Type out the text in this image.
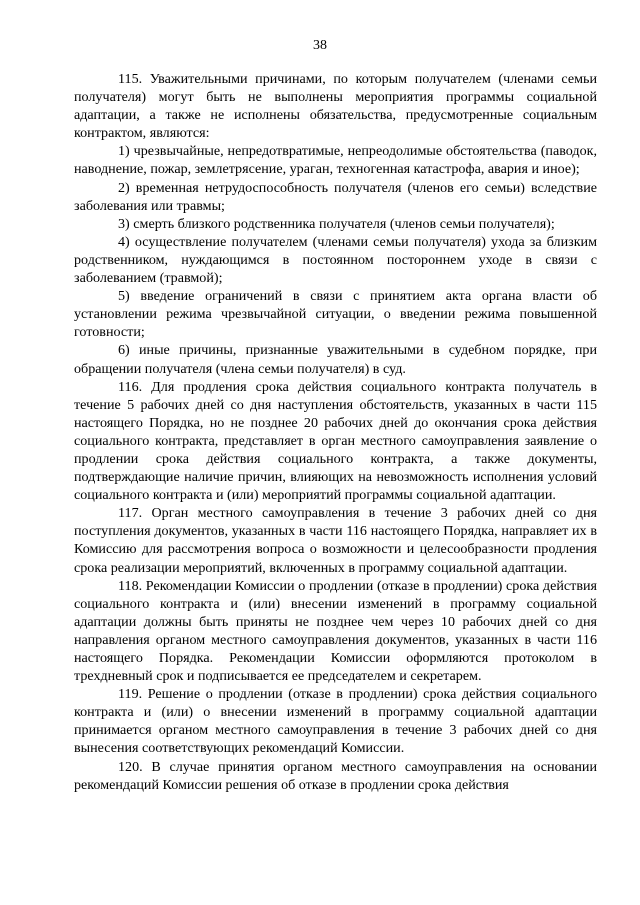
38

115. Уважительными причинами, по которым получателем (членами семьи получателя) могут быть не выполнены мероприятия программы социальной адаптации, а также не исполнены обязательства, предусмотренные социальным контрактом, являются:

1) чрезвычайные, непредотвратимые, непреодолимые обстоятельства (паводок, наводнение, пожар, землетрясение, ураган, техногенная катастрофа, авария и иное);

2) временная нетрудоспособность получателя (членов его семьи) вследствие заболевания или травмы;

3) смерть близкого родственника получателя (членов семьи получателя);

4) осуществление получателем (членами семьи получателя) ухода за близким родственником, нуждающимся в постоянном постороннем уходе в связи с заболеванием (травмой);

5) введение ограничений в связи с принятием акта органа власти об установлении режима чрезвычайной ситуации, о введении режима повышенной готовности;

6) иные причины, признанные уважительными в судебном порядке, при обращении получателя (члена семьи получателя) в суд.

116. Для продления срока действия социального контракта получатель в течение 5 рабочих дней со дня наступления обстоятельств, указанных в части 115 настоящего Порядка, но не позднее 20 рабочих дней до окончания срока действия социального контракта, представляет в орган местного самоуправления заявление о продлении срока действия социального контракта, а также документы, подтверждающие наличие причин, влияющих на невозможность исполнения условий социального контракта и (или) мероприятий программы социальной адаптации.

117. Орган местного самоуправления в течение 3 рабочих дней со дня поступления документов, указанных в части 116 настоящего Порядка, направляет их в Комиссию для рассмотрения вопроса о возможности и целесообразности продления срока реализации мероприятий, включенных в программу социальной адаптации.

118. Рекомендации Комиссии о продлении (отказе в продлении) срока действия социального контракта и (или) внесении изменений в программу социальной адаптации должны быть приняты не позднее чем через 10 рабочих дней со дня направления органом местного самоуправления документов, указанных в части 116 настоящего Порядка. Рекомендации Комиссии оформляются протоколом в трехдневный срок и подписывается ее председателем и секретарем.

119. Решение о продлении (отказе в продлении) срока действия социального контракта и (или) о внесении изменений в программу социальной адаптации принимается органом местного самоуправления в течение 3 рабочих дней со дня вынесения соответствующих рекомендаций Комиссии.

120. В случае принятия органом местного самоуправления на основании рекомендаций Комиссии решения об отказе в продлении срока действия
